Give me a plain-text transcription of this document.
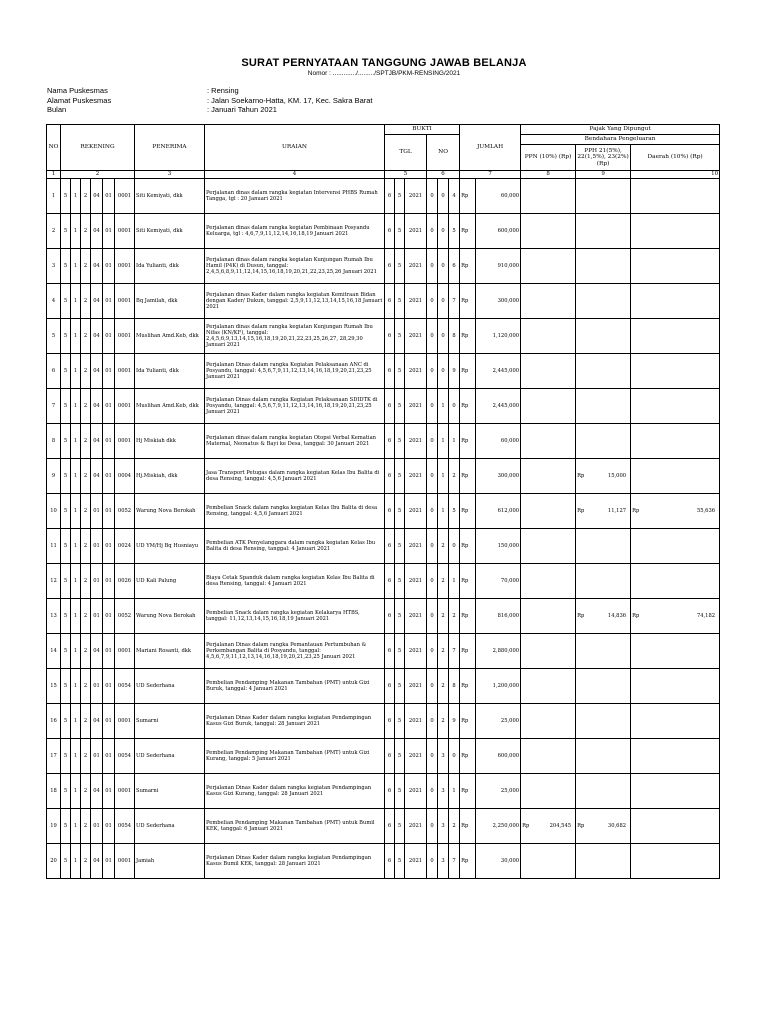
SURAT PERNYATAAN TANGGUNG JAWAB BELANJA
Nomor : ............./........./SPTJB/PKM-RENSING/2021
Nama Puskesmas	: Rensing
Alamat Puskesmas	: Jalan Soekarno-Hatta, KM. 17, Kec. Sakra Barat
Bulan	: Januari Tahun 2021
NO	REKENING						PENERIMA	URAIAN	BUKTI						JUMLAH		Pajak Yang Dipungut		
									TGL			NO					Bendahara Pengeluaran		
																	PPN (10%) (Rp)	PPH 21(5%), 22(1,5%), 23(2%) (Rp)	Daerah (10%) (Rp)

1	2						3	4	5			6			7		8	9	10
1	5	1	2	04	01	0001	Siti Kemiyati, dkk	Perjalanan dinas dalam rangka kegiatan Intervensi PHBS Rumah Tangga, tgl : 20 Januari 2021	6	5	2021	0	0	4	Rp	60,000	

2	5	1	2	04	01	0001	Siti Kemiyati, dkk	Perjalanan dinas dalam rangka kegiatan Pembinaan Posyandu Keluarga, tgl : 4,6,7,9,11,12,14,16,18,19 Januari 2021	6	5	2021	0	0	5	Rp	600,000	

3	5	1	2	04	01	0001	Ida Yulianti, dkk	Perjalanan dinas dalam rangka kegiatan Kunjungan Rumah Ibu Hamil (P4K) di Dusun, tanggal: 2,4,5,6,8,9,11,12,14,15,16,18,19,20,21,22,23,25,26 Januari 2021	6	5	2021	0	0	6	Rp	910,000	

4	5	1	2	04	01	0001	Bq Jamilah, dkk	Perjalanan dinas Kader dalam rangka kegiatan Kemitraan Bidan dengan Kader/ Dukun, tanggal: 2,5,9,11,12,13,14,15,16,18 Januari 2021	6	5	2021	0	0	7	Rp	300,000	

5	5	1	2	04	01	0001	Muslihan Amd.Keb, dkk	Perjalanan dinas dalam rangka kegiatan Kunjungan Rumah Ibu Nifas (KN/KF), tanggal: 2,4,5,6,9,13,14,15,16,18,19,20,21,22,23,25,26,27, 28,29,30 Januari 2021	6	5	2021	0	0	8	Rp	1,120,000	

6	5	1	2	04	01	0001	Ida Yulianti, dkk	Perjalanan Dinas dalam rangka Kegiatan Pelaksanaan ANC di Posyandu, tanggal: 4,5,6,7,9,11,12,13,14,16,18,19,20,21,23,25 Januari 2021	6	5	2021	0	0	9	Rp	2,445,000	

7	5	1	2	04	01	0001	Muslihan Amd.Keb, dkk	Perjalanan Dinas dalam rangka Kegiatan Pelaksanaan SDIDTK di Posyandu, tanggal: 4,5,6,7,9,11,12,13,14,16,18,19,20,21,23,25 Januari 2021	6	5	2021	0	1	0	Rp	2,445,000	

8	5	1	2	04	01	0001	Hj Miskiah dkk	Perjalanan dinas dalam rangka kegiatan Otopsi Verbal Kematian Maternal, Neonatus & Bayi ke Desa, tanggal: 30 Januari 2021	6	5	2021	0	1	1	Rp	60,000	

9	5	1	2	04	01	0004	Hj.Miskiah, dkk	Jasa Transport Petugas dalam rangka kegiatan Kelas Ibu Balita di desa Rensing, tanggal: 4,5,6 Januari 2021	6	5	2021	0	1	2	Rp	300,000		Rp 15,000	

10	5	1	2	01	01	0052	Warung Nova Berokah	Pembelian Snack dalam rangka kegiatan Kelas Ibu Balita di desa Rensing, tanggal: 4,5,6 Januari 2021	6	5	2021	0	1	5	Rp	612,000		Rp 11,127	Rp 55,636

11	5	1	2	01	01	0024	UD YM/Hj Bq Husniayu	Pembelian ATK Penyelanggara dalam rangka kegiatan Kelas Ibu Balita di desa Rensing, tanggal: 4 Januari 2021	6	5	2021	0	2	0	Rp	150,000	

12	5	1	2	01	01	0026	UD Kali Palung	Biaya Cetak Spanduk dalam rangka kegiatan Kelas Ibu Balita di desa Rensing, tanggal: 4 Januari 2021	6	5	2021	0	2	1	Rp	70,000	

13	5	1	2	01	01	0052	Warung Nova Berokah	Pembelian Snack dalam rangka kegiatan Kelakarya HTBS, tanggal: 11,12,13,14,15,16,18,19 Januari 2021	6	5	2021	0	2	2	Rp	816,000		Rp 14,836	Rp 74,182

14	5	1	2	04	01	0001	Mariani Rosanti, dkk	Perjalanan Dinas dalam rangka Pemantauan Pertumbuhan & Perkembangan Balita di Posyandu, tanggal: 4,5,6,7,9,11,12,13,14,16,18,19,20,21,23,25 Januari 2021	6	5	2021	0	2	7	Rp	2,880,000	

15	5	1	2	01	01	0054	UD Sederhana	Pembelian Pendamping Makanan Tambahan (PMT) untuk Gizi Buruk, tanggal: 4 Januari 2021	6	5	2021	0	2	8	Rp	1,200,000	

16	5	1	2	04	01	0001	Sumarni	Perjalanan Dinas Kader dalam rangka kegiatan Pendampingan Kasus Gizi Buruk, tanggal: 28 Januari 2021	6	5	2021	0	2	9	Rp	25,000	

17	5	1	2	01	01	0054	UD Sederhana	Pembelian Pendamping Makanan Tambahan (PMT) untuk Gizi Kurang, tanggal: 5 Januari 2021	6	5	2021	0	3	0	Rp	600,000	

18	5	1	2	04	01	0001	Sumarni	Perjalanan Dinas Kader dalam rangka kegiatan Pendampingan Kasus Gizi Kurang, tanggal: 28 Januari 2021	6	5	2021	0	3	1	Rp	25,000	

19	5	1	2	01	01	0054	UD Sederhana	Pembelian Pendamping Makanan Tambahan (PMT) untuk Bumil KEK, tanggal: 6 Januari 2021	6	5	2021	0	3	2	Rp	2,250,000	Rp 204,545	Rp 30,682	

20	5	1	2	04	01	0001	Jamiah	Perjalanan Dinas Kader dalam rangka kegiatan Pendampingan Kasus Bumil KEK, tanggal: 28 Januari 2021	6	5	2021	0	3	7	Rp	30,000	
